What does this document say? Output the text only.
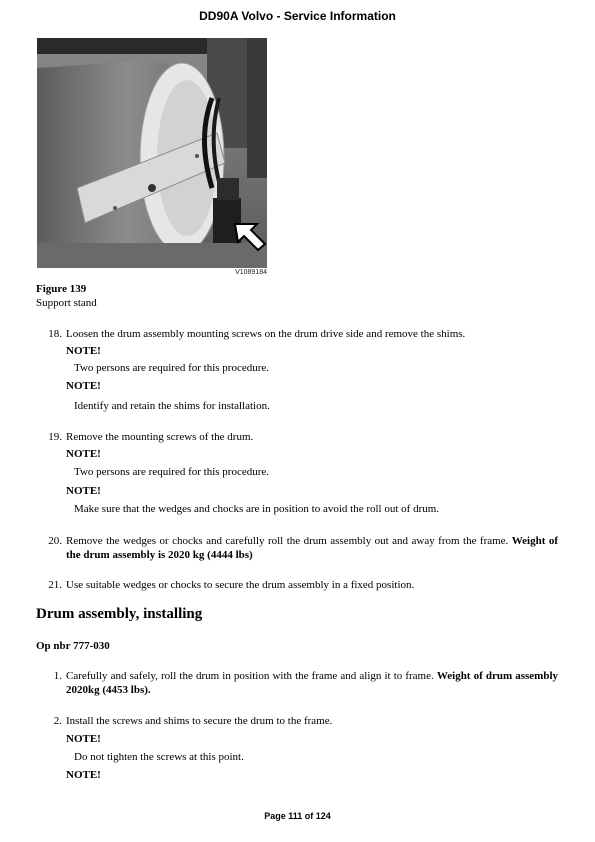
DD90A Volvo - Service Information
V1089184
Figure 139
Support stand
18. Loosen the drum assembly mounting screws on the drum drive side and remove the shims.
NOTE!
Two persons are required for this procedure.
NOTE!
Identify and retain the shims for installation.
19. Remove the mounting screws of the drum.
NOTE!
Two persons are required for this procedure.
NOTE!
Make sure that the wedges and chocks are in position to avoid the roll out of drum.
20. Remove the wedges or chocks and carefully roll the drum assembly out and away from the frame. Weight of the drum assembly is 2020 kg (4444 lbs)
21. Use suitable wedges or chocks to secure the drum assembly in a fixed position.
Drum assembly, installing
Op nbr 777-030
1. Carefully and safely, roll the drum in position with the frame and align it to frame. Weight of drum assembly 2020kg (4453 lbs).
2. Install the screws and shims to secure the drum to the frame.
NOTE!
Do not tighten the screws at this point.
NOTE!
Page 111 of 124
